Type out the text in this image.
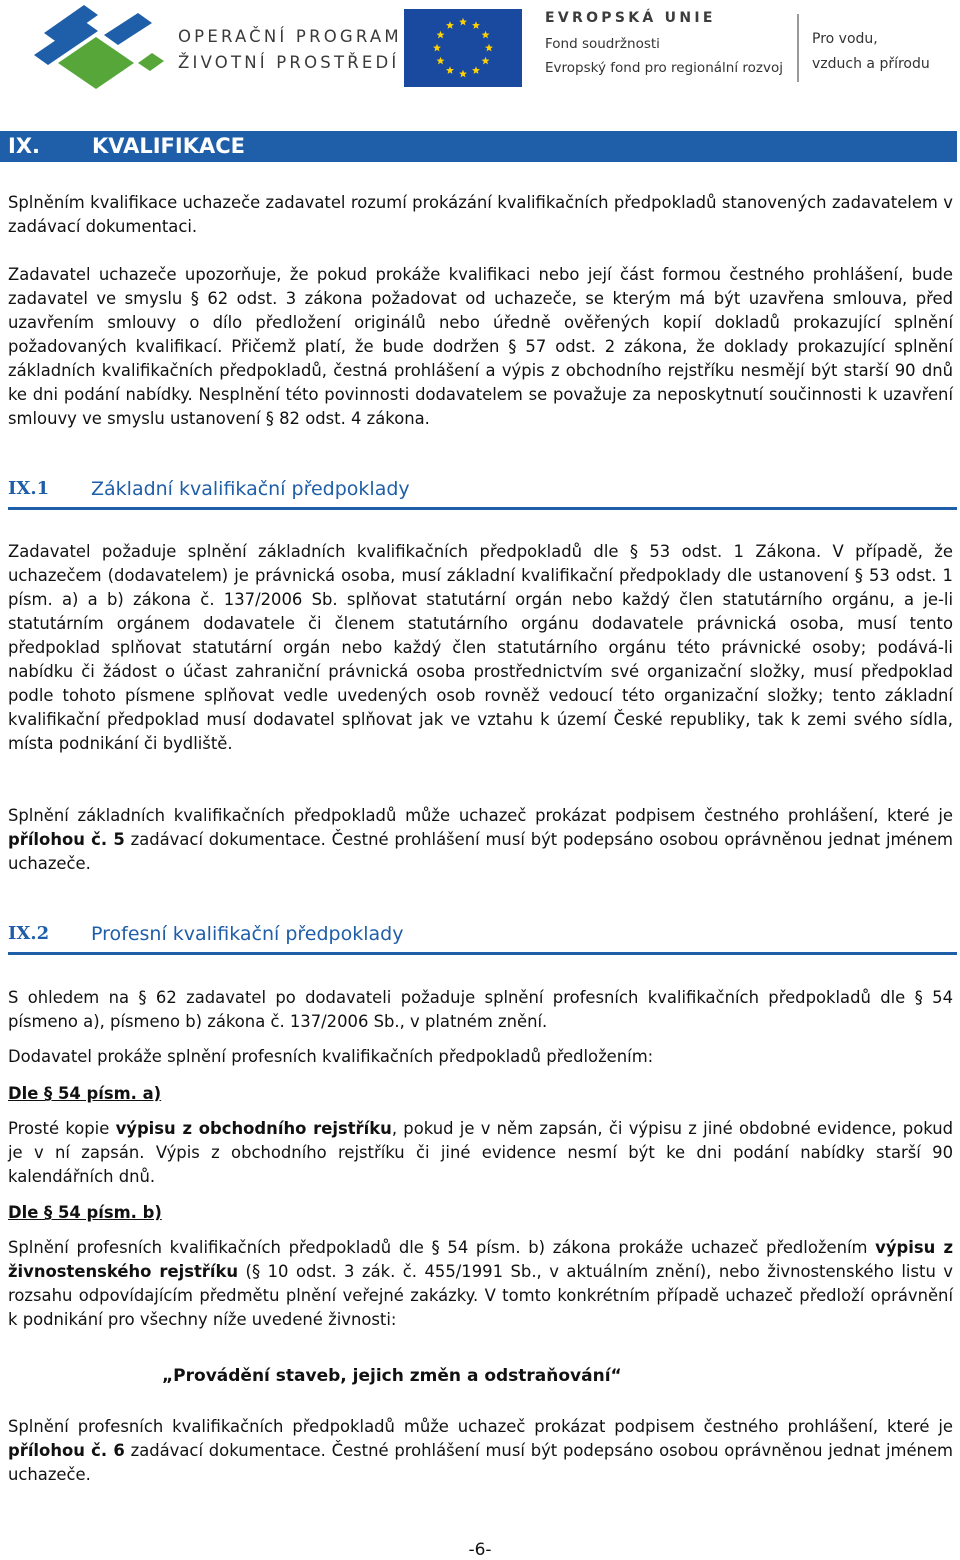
OPERAČNÍ PROGRAM
ŽIVOTNÍ PROSTŘEDÍ
EVROPSKÁ UNIE
Fond soudržnosti
Evropský fond pro regionální rozvoj
Pro vodu,
vzduch a přírodu
IX. KVALIFIKACE
Splněním kvalifikace uchazeče zadavatel rozumí prokázání kvalifikačních předpokladů stanovených zadavatelem v zadávací dokumentaci.
Zadavatel uchazeče upozorňuje, že pokud prokáže kvalifikaci nebo její část formou čestného prohlášení, bude zadavatel ve smyslu § 62 odst. 3 zákona požadovat od uchazeče, se kterým má být uzavřena smlouva, před uzavřením smlouvy o dílo předložení originálů nebo úředně ověřených kopií dokladů prokazující splnění požadovaných kvalifikací. Přičemž platí, že bude dodržen § 57 odst. 2 zákona, že doklady prokazující splnění základních kvalifikačních předpokladů, čestná prohlášení a výpis z obchodního rejstříku nesmějí být starší 90 dnů ke dni podání nabídky. Nesplnění této povinnosti dodavatelem se považuje za neposkytnutí součinnosti k uzavření smlouvy ve smyslu ustanovení § 82 odst. 4 zákona.
IX.1 Základní kvalifikační předpoklady
Zadavatel požaduje splnění základních kvalifikačních předpokladů dle § 53 odst. 1 Zákona. V případě, že uchazečem (dodavatelem) je právnická osoba, musí základní kvalifikační předpoklady dle ustanovení § 53 odst. 1 písm. a) a b) zákona č. 137/2006 Sb. splňovat statutární orgán nebo každý člen statutárního orgánu, a je-li statutárním orgánem dodavatele či členem statutárního orgánu dodavatele právnická osoba, musí tento předpoklad splňovat statutární orgán nebo každý člen statutárního orgánu této právnické osoby; podává-li nabídku či žádost o účast zahraniční právnická osoba prostřednictvím své organizační složky, musí předpoklad podle tohoto písmene splňovat vedle uvedených osob rovněž vedoucí této organizační složky; tento základní kvalifikační předpoklad musí dodavatel splňovat jak ve vztahu k území České republiky, tak k zemi svého sídla, místa podnikání či bydliště.
Splnění základních kvalifikačních předpokladů může uchazeč prokázat podpisem čestného prohlášení, které je přílohou č. 5 zadávací dokumentace. Čestné prohlášení musí být podepsáno osobou oprávněnou jednat jménem uchazeče.
IX.2 Profesní kvalifikační předpoklady
S ohledem na § 62 zadavatel po dodavateli požaduje splnění profesních kvalifikačních předpokladů dle § 54 písmeno a), písmeno b) zákona č. 137/2006 Sb., v platném znění.
Dodavatel prokáže splnění profesních kvalifikačních předpokladů předložením:
Dle § 54 písm. a)
Prosté kopie výpisu z obchodního rejstříku, pokud je v něm zapsán, či výpisu z jiné obdobné evidence, pokud je v ní zapsán. Výpis z obchodního rejstříku či jiné evidence nesmí být ke dni podání nabídky starší 90 kalendářních dnů.
Dle § 54 písm. b)
Splnění profesních kvalifikačních předpokladů dle § 54 písm. b) zákona prokáže uchazeč předložením výpisu z živnostenského rejstříku (§ 10 odst. 3 zák. č. 455/1991 Sb., v aktuálním znění), nebo živnostenského listu v rozsahu odpovídajícím předmětu plnění veřejné zakázky. V tomto konkrétním případě uchazeč předloží oprávnění k podnikání pro všechny níže uvedené živnosti:
„Provádění staveb, jejich změn a odstraňování“
Splnění profesních kvalifikačních předpokladů může uchazeč prokázat podpisem čestného prohlášení, které je přílohou č. 6 zadávací dokumentace. Čestné prohlášení musí být podepsáno osobou oprávněnou jednat jménem uchazeče.
-6-
